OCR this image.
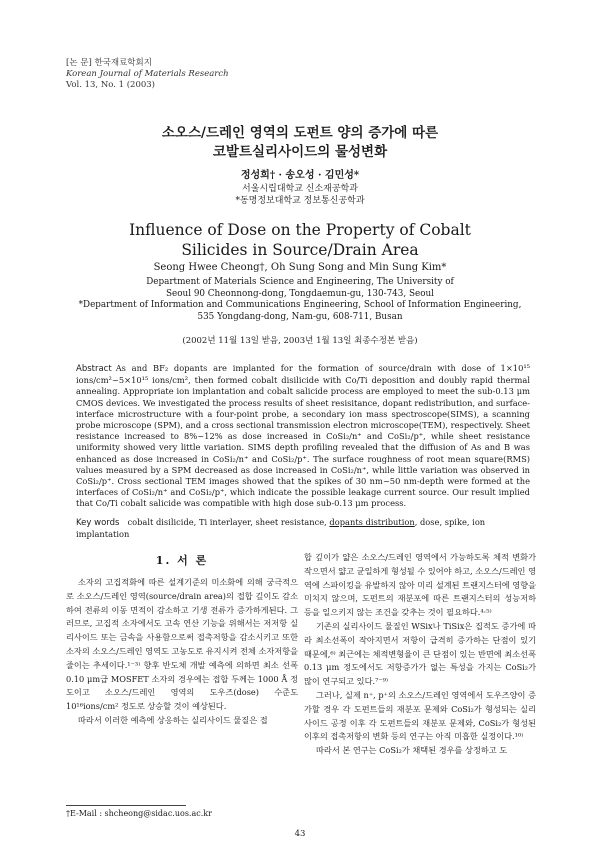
[논 문] 한국재료학회지
Korean Journal of Materials Research
Vol. 13, No. 1 (2003)
소오스/드레인 영역의 도펀트 양의 증가에 따른
코발트실리사이드의 물성변화
정성희† · 송오성 · 김민성*
서울시립대학교 신소재공학과
*동명정보대학교 정보통신공학과
Influence of Dose on the Property of Cobalt
Silicides in Source/Drain Area
Seong Hwee Cheong†, Oh Sung Song and Min Sung Kim*
Department of Materials Science and Engineering, The University of
Seoul 90 Cheonnong-dong, Tongdaemun-gu, 130-743, Seoul
*Department of Information and Communications Engineering, School of Information Engineering,
535 Yongdang-dong, Nam-gu, 608-711, Busan
(2002년 11월 13일 받음, 2003년 1월 13일 최종수정본 받음)
Abstract As and BF₂ dopants are implanted for the formation of source/drain with dose of 1×10¹⁵ ions/cm²~5×10¹⁵ ions/cm², then formed cobalt disilicide with Co/Ti deposition and doubly rapid thermal annealing. Appropriate ion implantation and cobalt salicide process are employed to meet the sub-0.13 μm CMOS devices. We investigated the process results of sheet resisitance, dopant redistribution, and surface-interface microstructure with a four-point probe, a secondary ion mass spectroscope(SIMS), a scanning probe microscope (SPM), and a cross sectional transmission electron microscope(TEM), respectively. Sheet resistance increased to 8%~12% as dose increased in CoSi₂/n⁺ and CoSi₂/p⁺, while sheet resistance uniformity showed very little variation. SIMS depth profiling revealed that the diffusion of As and B was enhanced as dose increased in CoSi₂/n⁺ and CoSi₂/p⁺. The surface roughness of root mean square(RMS) values measured by a SPM decreased as dose increased in CoSi₂/n⁺, while little variation was observed in CoSi₂/p⁺. Cross sectional TEM images showed that the spikes of 30 nm~50 nm-depth were formed at the interfaces of CoSi₂/n⁺ and CoSi₂/p⁺, which indicate the possible leakage current source. Our result implied that Co/Ti cobalt salicide was compatible with high dose sub-0.13 μm process.
Key words cobalt disilicide, Ti interlayer, sheet resistance, dopants distribution, dose, spike, ion implantation
1. 서 론

소자의 고집적화에 따른 설계기준의 미소화에 의해 궁극적으로 소오스/드레인 영역(source/drain area)의 접합 깊이도 감소하여 전류의 이동 면적이 감소하고 기생 전류가 증가하게된다. 그러므로, 고집적 소자에서도 고속 연산 기능을 위해서는 저저항 실리사이드 또는 금속을 사용함으로써 접촉저항을 감소시키고 또한 소자의 소오스/드레인 영역도 고농도로 유지시켜 전체 소자저항을 줄이는 추세이다.¹⁻³⁾ 향후 반도체 개발 예측에 의하면 최소 선폭 0.10 μm급 MOSFET 소자의 경우에는 접합 두께는 1000 Å 정도이고 소오스/드레인 영역의 도우즈(dose) 수준도 10¹⁶ions/cm² 정도로 상승할 것이 예상된다.

따라서 이러한 예측에 상응하는 실리사이드 물질은 접

합 깊이가 얇은 소오스/드레인 영역에서 가능하도록 체적 변화가 작으면서 얇고 균일하게 형성될 수 있어야 하고, 소오스/드레인 영역에 스파이킹을 유발하지 않아 미리 설계된 트랜지스터에 영향을 미치지 않으며, 도펀트의 재분포에 따른 트랜지스터의 성능저하 등을 일으키지 않는 조건을 갖추는 것이 필요하다.⁴·⁵⁾

기존의 실리사이드 물질인 WSix나 TiSix은 집적도 증가에 따라 최소선폭이 작아지면서 저항이 급격히 증가하는 단점이 있기 때문에,⁶⁾ 최근에는 체적변형율이 큰 단점이 있는 반면에 최소선폭 0.13 μm 정도에서도 저항증가가 없는 특성을 가지는 CoSi₂가 많이 연구되고 있다.⁷⁻⁹⁾

그러나, 실제 n⁺, p⁺의 소오스/드레인 영역에서 도우즈양이 증가할 경우 각 도펀트들의 재분포 문제와 CoSi₂가 형성되는 실리사이드 공정 이후 각 도펀트들의 재분포 문제와, CoSi₂가 형성된 이후의 접촉저항의 변화 등의 연구는 아직 미흡한 실정이다.¹⁰⁾

따라서 본 연구는 CoSi₂가 채택된 경우를 상정하고 도

†E-Mail : shcheong@sidac.uos.ac.kr
43
